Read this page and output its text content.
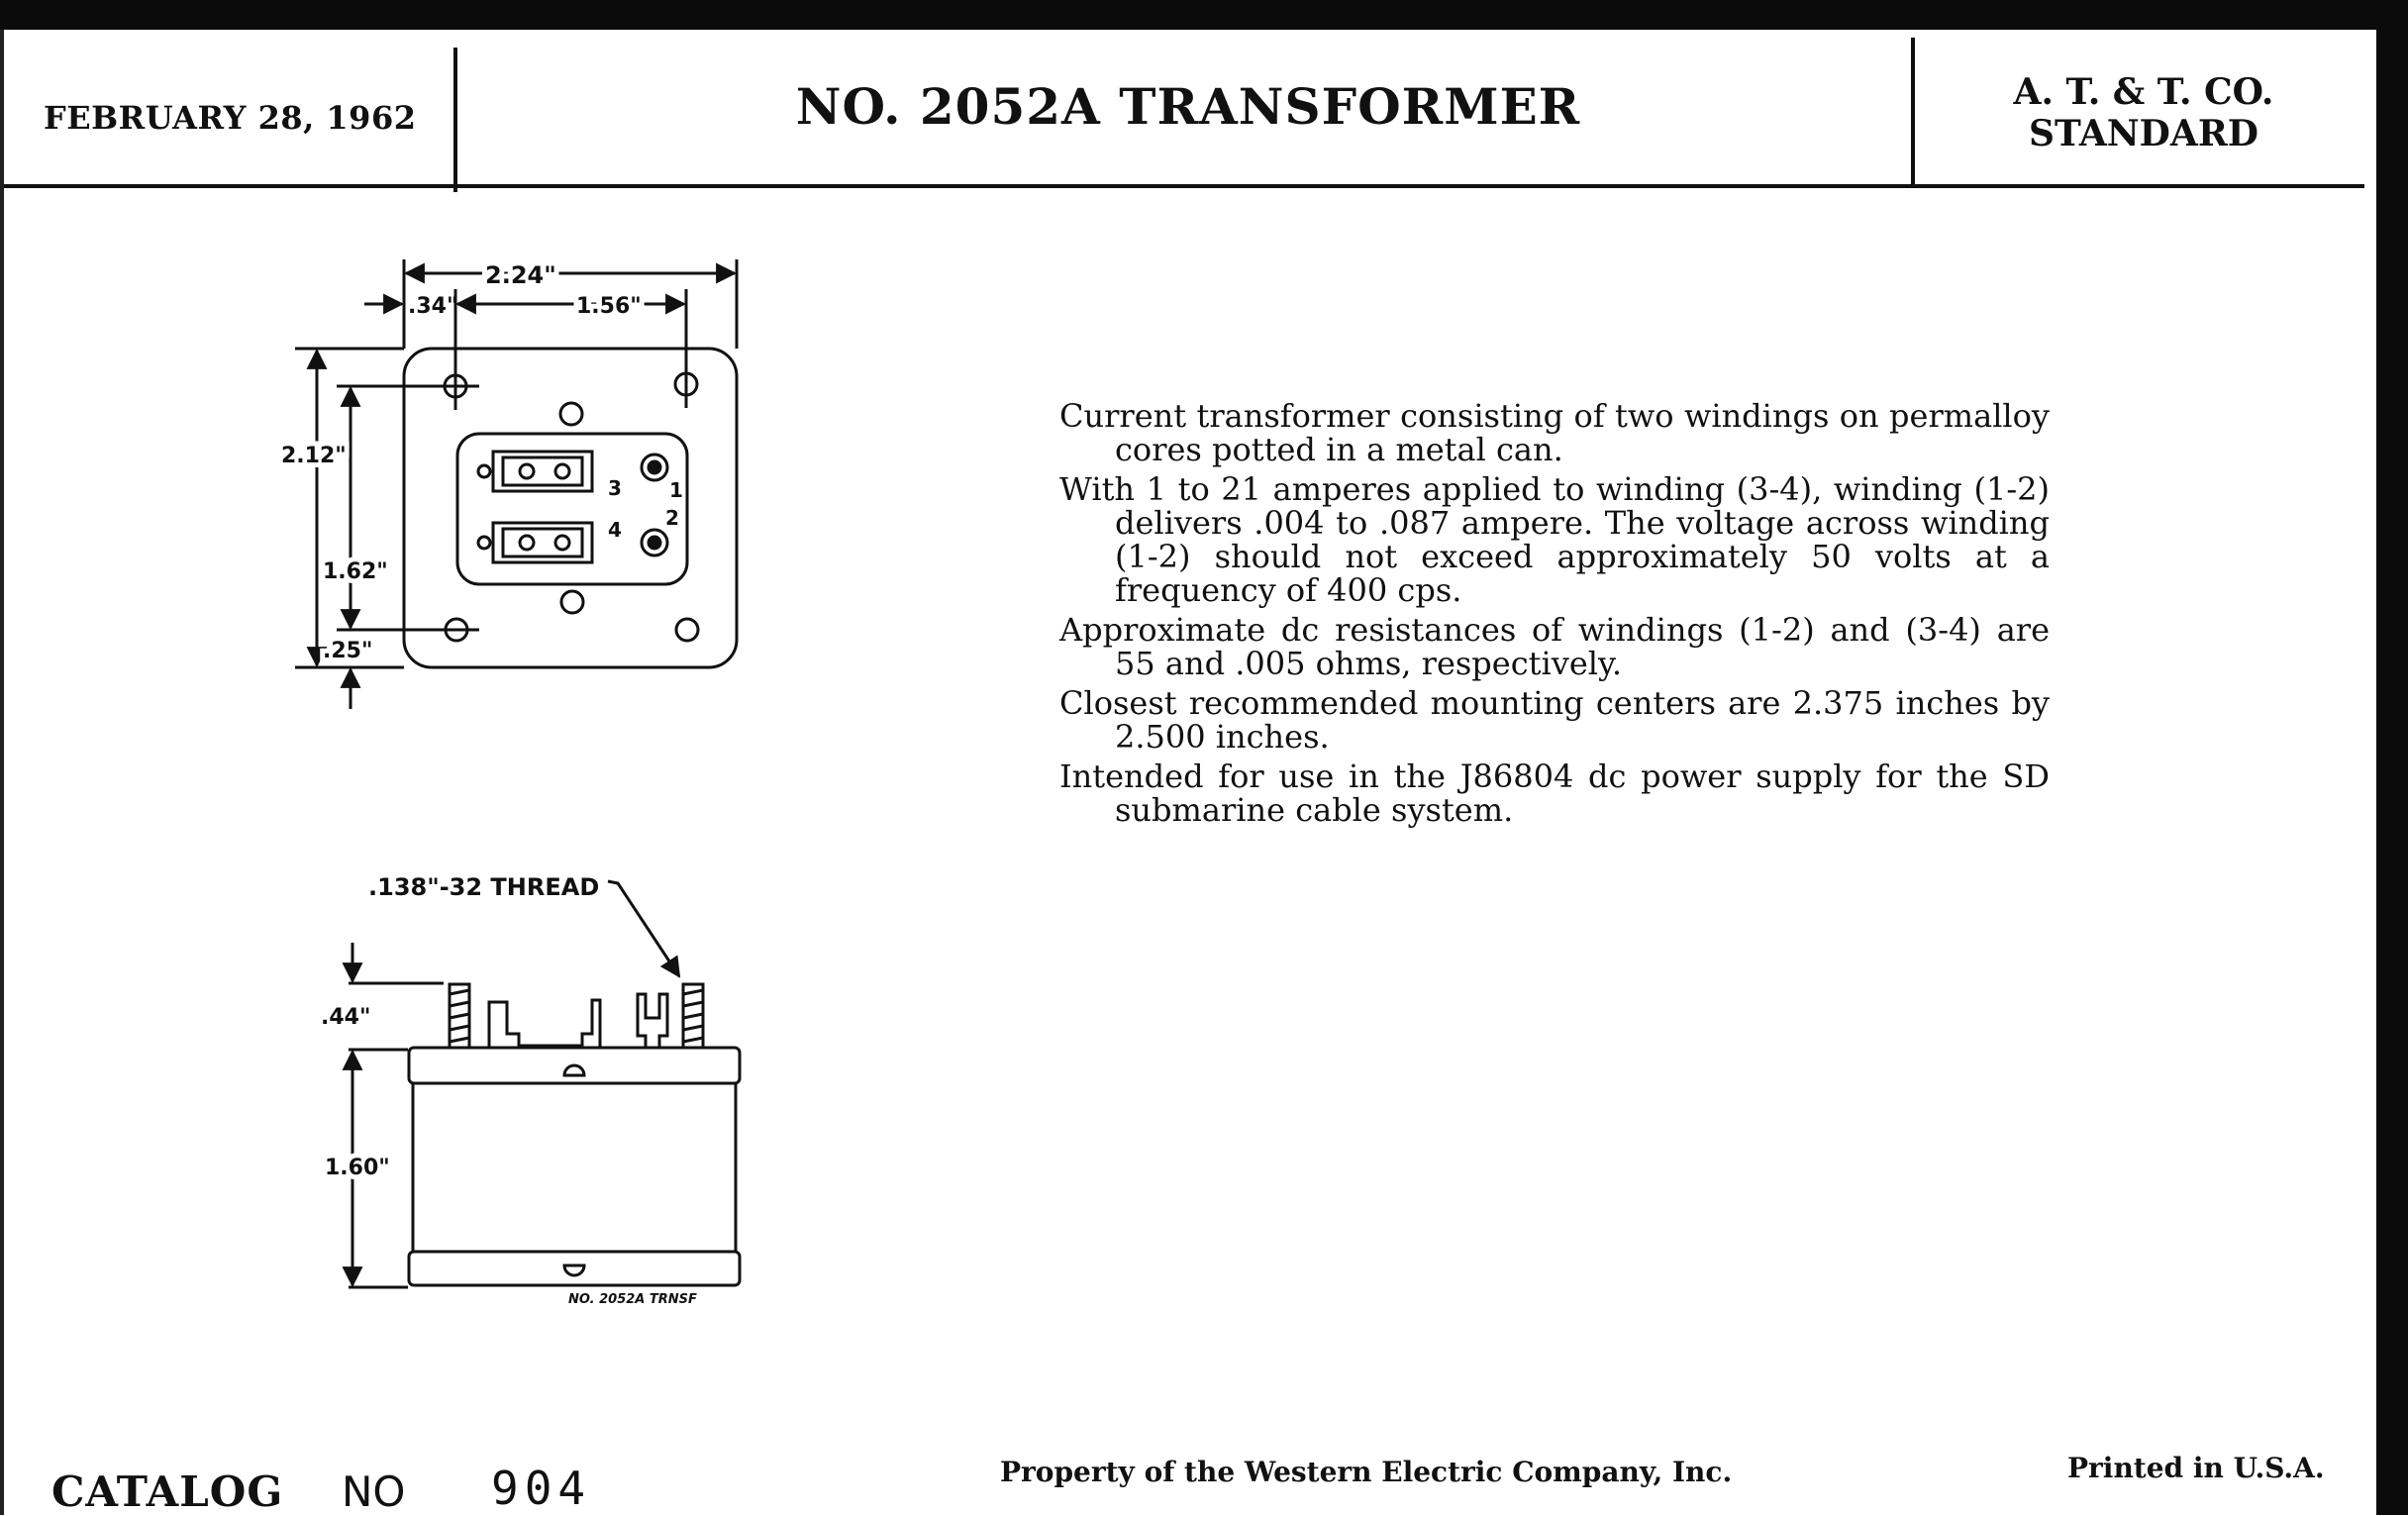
FEBRUARY 28, 1962	NO. 2052A TRANSFORMER	A. T. & T. CO.
STANDARD
2.24"
.34"	1.56"
2.12"
1.62"
.25"
3
4
1
2
.138"-32 THREAD
.44"
1.60"
NO. 2052A TRNSF

Current transformer consisting of two windings on permalloy cores potted in a metal can.

With 1 to 21 amperes applied to winding (3-4), winding (1-2) delivers .004 to .087 ampere. The voltage across winding (1-2) should not exceed approximately 50 volts at a frequency of 400 cps.

Approximate dc resistances of windings (1-2) and (3-4) are 55 and .005 ohms, respectively.

Closest recommended mounting centers are 2.375 inches by 2.500 inches.

Intended for use in the J86804 dc power supply for the SD submarine cable system.

CATALOG NO 904	Property of the Western Electric Company, Inc.	Printed in U.S.A.
